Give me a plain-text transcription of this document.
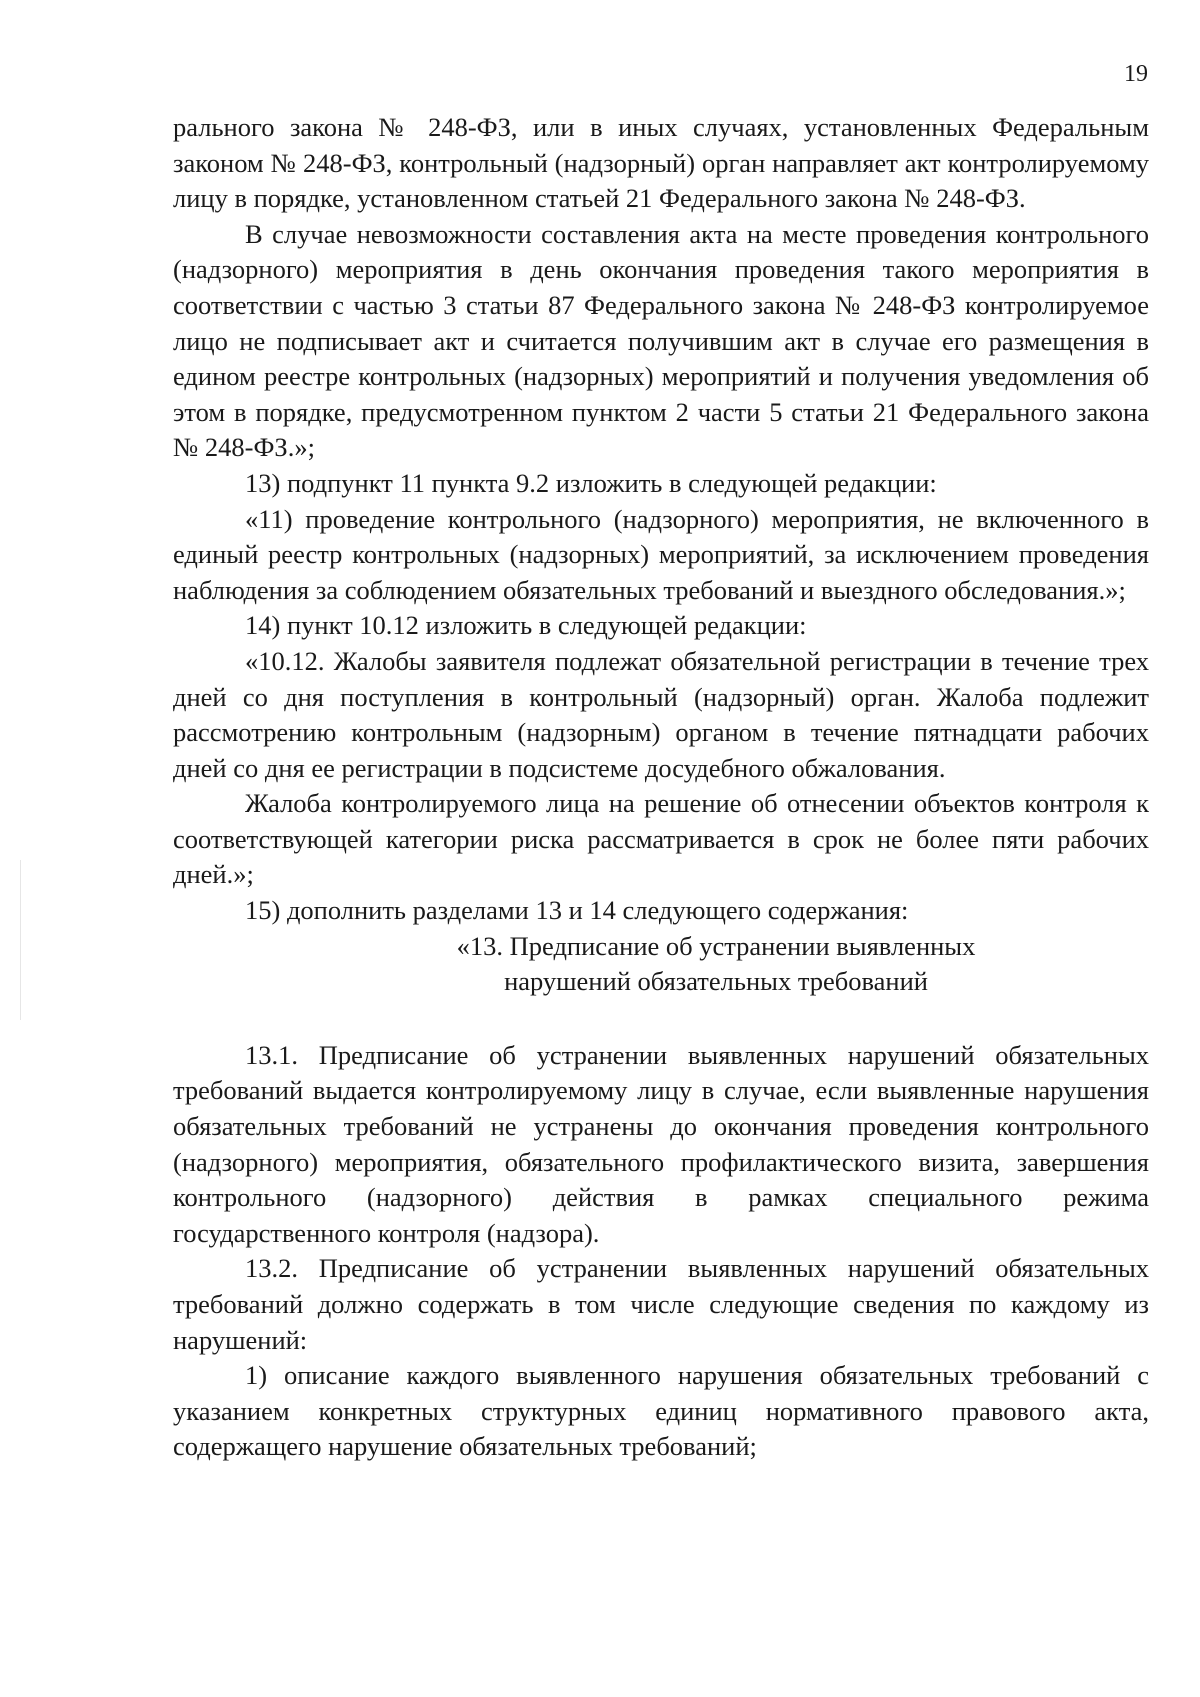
19

рального закона № 248-ФЗ, или в иных случаях, установленных Федеральным законом № 248-ФЗ, контрольный (надзорный) орган направляет акт контролируемому лицу в порядке, установленном статьей 21 Федерального закона № 248-ФЗ.

В случае невозможности составления акта на месте проведения контрольного (надзорного) мероприятия в день окончания проведения такого мероприятия в соответствии с частью 3 статьи 87 Федерального закона № 248-ФЗ контролируемое лицо не подписывает акт и считается получившим акт в случае его размещения в едином реестре контрольных (надзорных) мероприятий и получения уведомления об этом в порядке, предусмотренном пунктом 2 части 5 статьи 21 Федерального закона № 248-ФЗ.»;

13) подпункт 11 пункта 9.2 изложить в следующей редакции:

«11) проведение контрольного (надзорного) мероприятия, не включенного в единый реестр контрольных (надзорных) мероприятий, за исключением проведения наблюдения за соблюдением обязательных требований и выездного обследования.»;

14) пункт 10.12 изложить в следующей редакции:

«10.12. Жалобы заявителя подлежат обязательной регистрации в течение трех дней со дня поступления в контрольный (надзорный) орган. Жалоба подлежит рассмотрению контрольным (надзорным) органом в течение пятнадцати рабочих дней со дня ее регистрации в подсистеме досудебного обжалования.

Жалоба контролируемого лица на решение об отнесении объектов контроля к соответствующей категории риска рассматривается в срок не более пяти рабочих дней.»;

15) дополнить разделами 13 и 14 следующего содержания:

«13. Предписание об устранении выявленных
нарушений обязательных требований

13.1. Предписание об устранении выявленных нарушений обязательных требований выдается контролируемому лицу в случае, если выявленные нарушения обязательных требований не устранены до окончания проведения контрольного (надзорного) мероприятия, обязательного профилактического визита, завершения контрольного (надзорного) действия в рамках специального режима государственного контроля (надзора).

13.2. Предписание об устранении выявленных нарушений обязательных требований должно содержать в том числе следующие сведения по каждому из нарушений:

1) описание каждого выявленного нарушения обязательных требований с указанием конкретных структурных единиц нормативного правового акта, содержащего нарушение обязательных требований;
